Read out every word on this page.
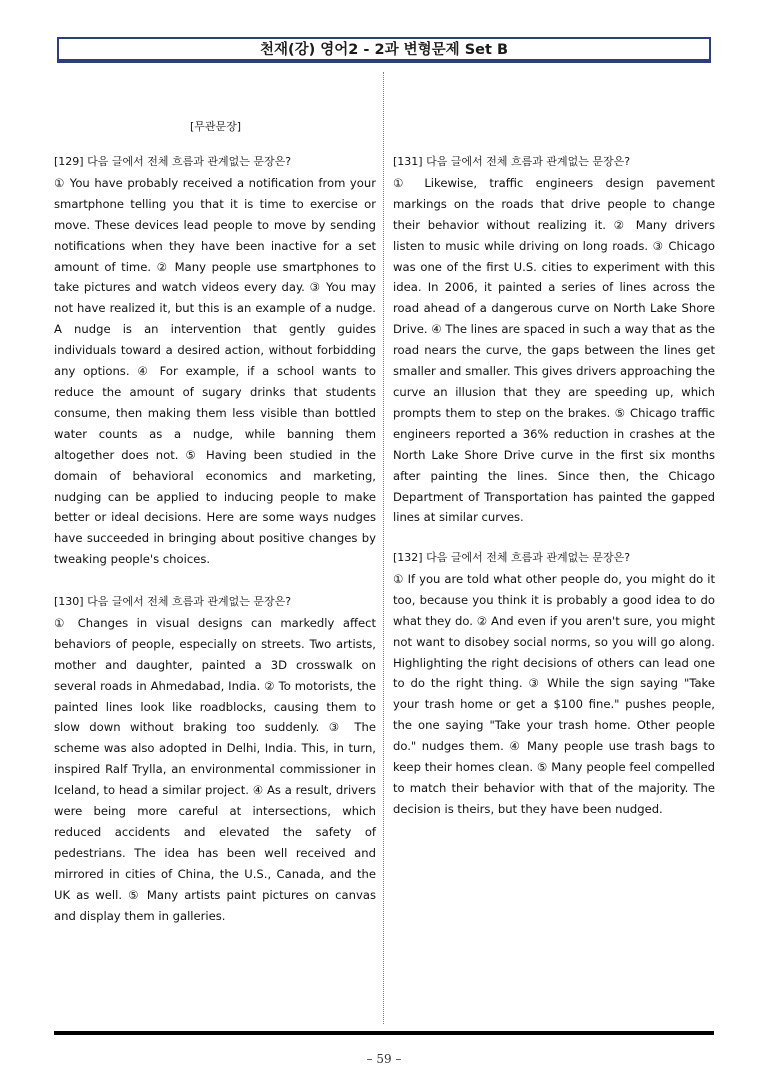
천재(강) 영어2 - 2과 변형문제 Set B
[무관문장]
[129] 다음 글에서 전체 흐름과 관계없는 문장은?
① You have probably received a notification from your smartphone telling you that it is time to exercise or move. These devices lead people to move by sending notifications when they have been inactive for a set amount of time. ② Many people use smartphones to take pictures and watch videos every day. ③ You may not have realized it, but this is an example of a nudge. A nudge is an intervention that gently guides individuals toward a desired action, without forbidding any options. ④ For example, if a school wants to reduce the amount of sugary drinks that students consume, then making them less visible than bottled water counts as a nudge, while banning them altogether does not. ⑤ Having been studied in the domain of behavioral economics and marketing, nudging can be applied to inducing people to make better or ideal decisions. Here are some ways nudges have succeeded in bringing about positive changes by tweaking people's choices.
[130] 다음 글에서 전체 흐름과 관계없는 문장은?
① Changes in visual designs can markedly affect behaviors of people, especially on streets. Two artists, mother and daughter, painted a 3D crosswalk on several roads in Ahmedabad, India. ② To motorists, the painted lines look like roadblocks, causing them to slow down without braking too suddenly. ③ The scheme was also adopted in Delhi, India. This, in turn, inspired Ralf Trylla, an environmental commissioner in Iceland, to head a similar project. ④ As a result, drivers were being more careful at intersections, which reduced accidents and elevated the safety of pedestrians. The idea has been well received and mirrored in cities of China, the U.S., Canada, and the UK as well. ⑤ Many artists paint pictures on canvas and display them in galleries.
[131] 다음 글에서 전체 흐름과 관계없는 문장은?
① Likewise, traffic engineers design pavement markings on the roads that drive people to change their behavior without realizing it. ② Many drivers listen to music while driving on long roads. ③ Chicago was one of the first U.S. cities to experiment with this idea. In 2006, it painted a series of lines across the road ahead of a dangerous curve on North Lake Shore Drive. ④ The lines are spaced in such a way that as the road nears the curve, the gaps between the lines get smaller and smaller. This gives drivers approaching the curve an illusion that they are speeding up, which prompts them to step on the brakes. ⑤ Chicago traffic engineers reported a 36% reduction in crashes at the North Lake Shore Drive curve in the first six months after painting the lines. Since then, the Chicago Department of Transportation has painted the gapped lines at similar curves.
[132] 다음 글에서 전체 흐름과 관계없는 문장은?
① If you are told what other people do, you might do it too, because you think it is probably a good idea to do what they do. ② And even if you aren't sure, you might not want to disobey social norms, so you will go along. Highlighting the right decisions of others can lead one to do the right thing. ③ While the sign saying "Take your trash home or get a $100 fine." pushes people, the one saying "Take your trash home. Other people do." nudges them. ④ Many people use trash bags to keep their homes clean. ⑤ Many people feel compelled to match their behavior with that of the majority. The decision is theirs, but they have been nudged.
– 59 –
